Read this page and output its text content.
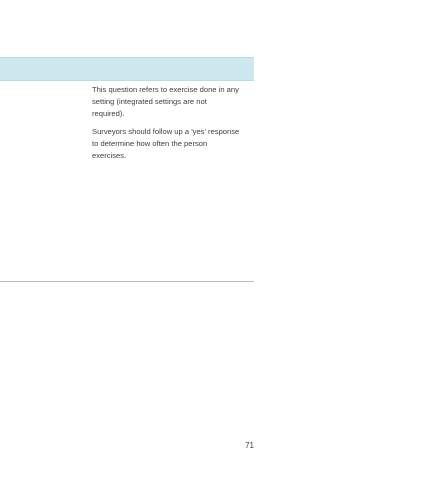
This question refers to exercise done in any

setting (integrated settings are not

required).

Surveyors should follow up a 'yes' response

to determine how often the person

exercises.

71
